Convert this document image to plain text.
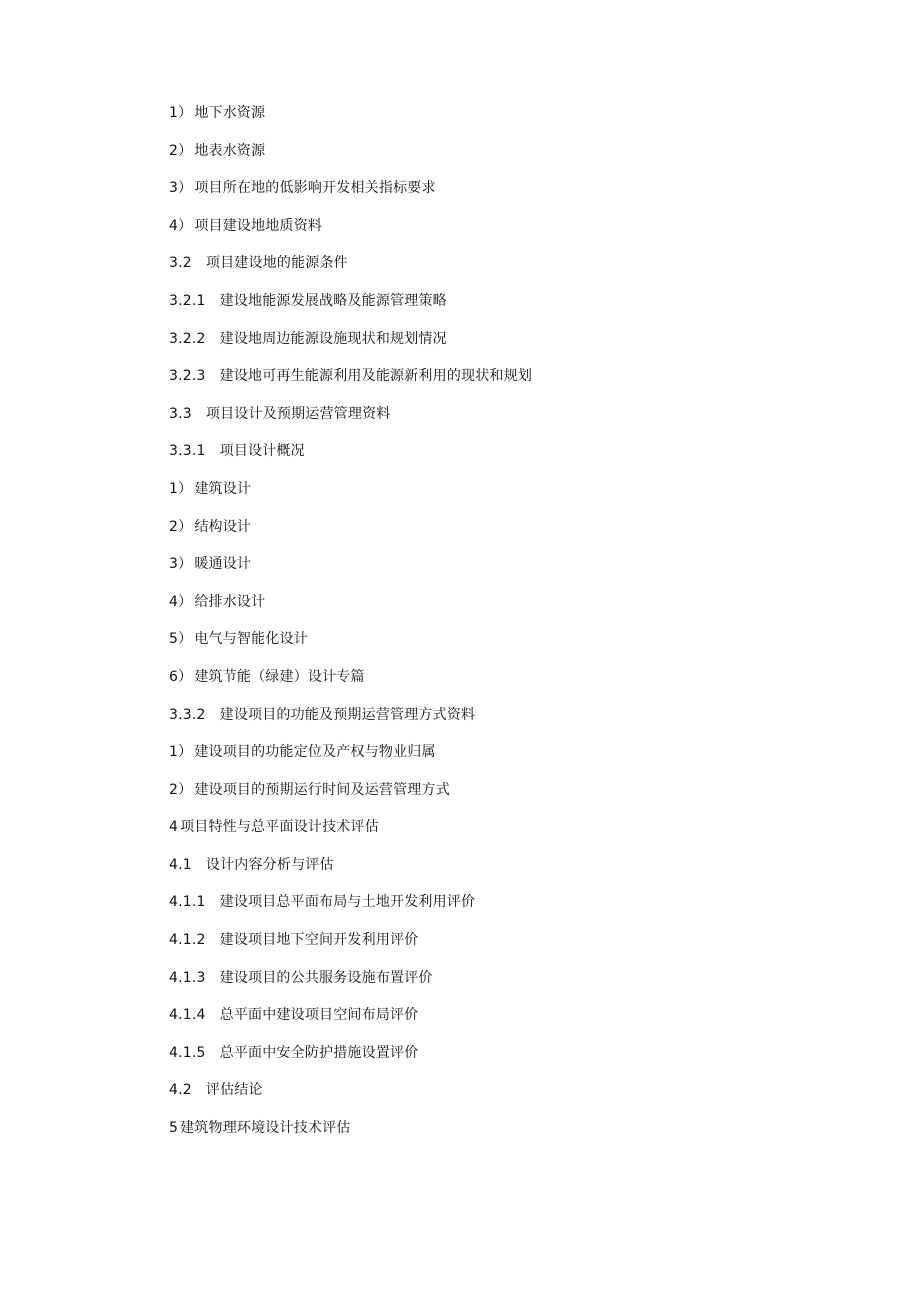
1） 地下水资源
2） 地表水资源
3） 项目所在地的低影响开发相关指标要求
4） 项目建设地地质资料
3.2 项目建设地的能源条件
3.2.1 建设地能源发展战略及能源管理策略
3.2.2 建设地周边能源设施现状和规划情况
3.2.3 建设地可再生能源利用及能源新利用的现状和规划
3.3 项目设计及预期运营管理资料
3.3.1 项目设计概况
1） 建筑设计
2） 结构设计
3） 暖通设计
4） 给排水设计
5） 电气与智能化设计
6） 建筑节能（绿建）设计专篇
3.3.2 建设项目的功能及预期运营管理方式资料
1） 建设项目的功能定位及产权与物业归属
2） 建设项目的预期运行时间及运营管理方式
4 项目特性与总平面设计技术评估
4.1 设计内容分析与评估
4.1.1 建设项目总平面布局与土地开发利用评价
4.1.2 建设项目地下空间开发利用评价
4.1.3 建设项目的公共服务设施布置评价
4.1.4 总平面中建设项目空间布局评价
4.1.5 总平面中安全防护措施设置评价
4.2 评估结论
5 建筑物理环境设计技术评估
